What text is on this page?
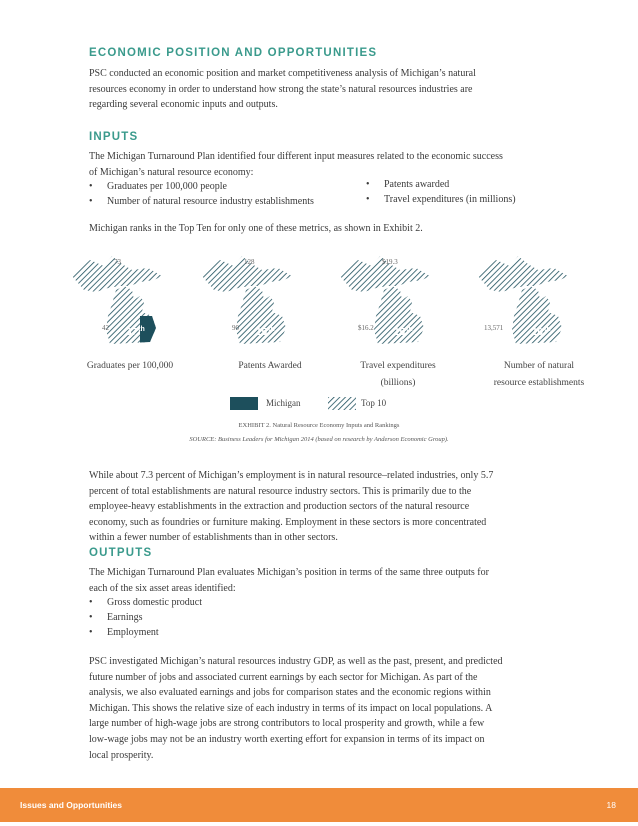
ECONOMIC POSITION AND OPPORTUNITIES

PSC conducted an economic position and market competitiveness analysis of Michigan’s natural
resources economy in order to understand how strong the state’s natural resources industries are
regarding several economic inputs and outputs.

INPUTS

The Michigan Turnaround Plan identified four different input measures related to the economic success
of Michigan’s natural resource economy:

• Graduates per 100,000 people
• Number of natural resource industry establishments
• Patents awarded
• Travel expenditures (in millions)

Michigan ranks in the Top Ten for only one of these metrics, as shown in Exhibit 2.

73
42 37th
128
90 15th
$19.3
$16.2 15th	13,571	10th
Graduates per 100,000	Patents Awarded	Travel expenditures
(billions)
Number of natural
resource establishments
Michigan	Top 10
EXHIBIT 2. Natural Resource Economy Inputs and Rankings
SOURCE: Business Leaders for Michigan 2014 (based on research by Anderson Economic Group).

While about 7.3 percent of Michigan’s employment is in natural resource–related industries, only 5.7
percent of total establishments are natural resource industry sectors. This is primarily due to the
employee-heavy establishments in the extraction and production sectors of the natural resource
economy, such as foundries or furniture making. Employment in these sectors is more concentrated
within a fewer number of establishments than in other sectors.

OUTPUTS

The Michigan Turnaround Plan evaluates Michigan’s position in terms of the same three outputs for
each of the six asset areas identified:

• Gross domestic product
• Earnings
• Employment

PSC investigated Michigan’s natural resources industry GDP, as well as the past, present, and predicted
future number of jobs and associated current earnings by each sector for Michigan. As part of the
analysis, we also evaluated earnings and jobs for comparison states and the economic regions within
Michigan. This shows the relative size of each industry in terms of its impact on local populations. A
large number of high-wage jobs are strong contributors to local prosperity and growth, while a few
low-wage jobs may not be an industry worth exerting effort for expansion in terms of its impact on
local prosperity.

Issues and Opportunities	18
